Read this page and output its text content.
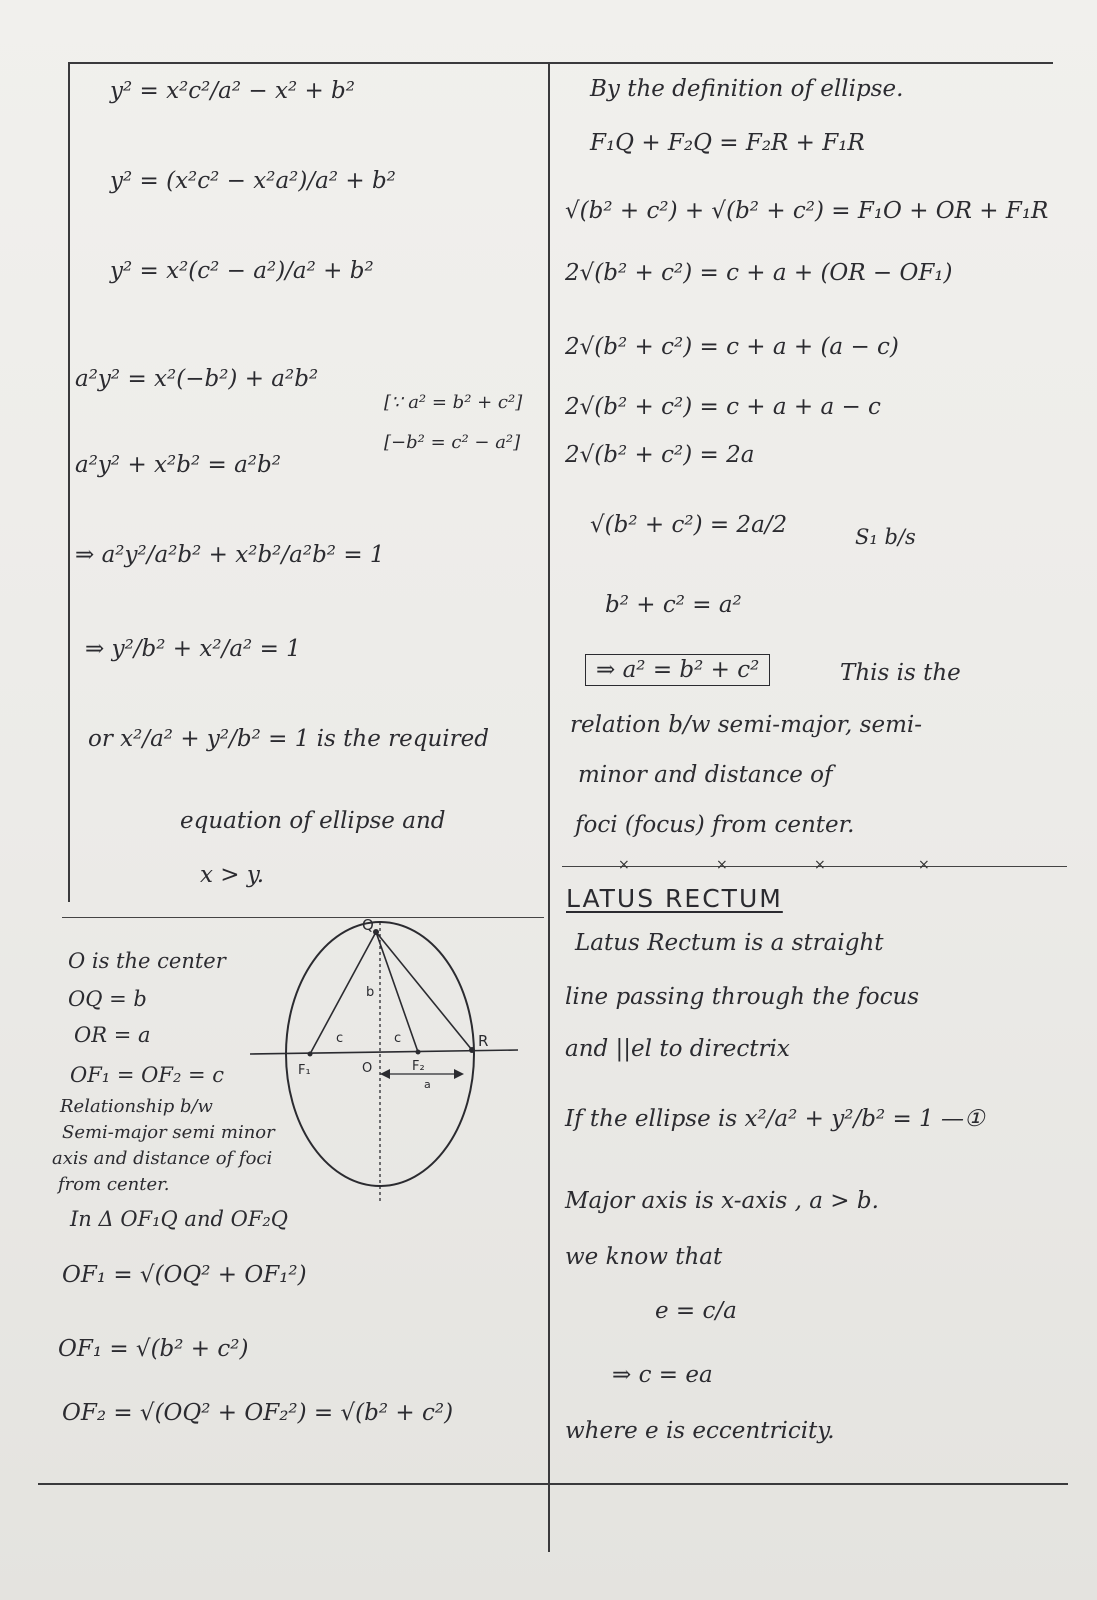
y² = x²c²/a² − x² + b²
y² = (x²c² − x²a²)/a² + b²
y² = x²(c² − a²)/a² + b²
a²y² = x²(−b²) + a²b²
[∵ a² = b² + c²]
[−b² = c² − a²]
a²y² + x²b² = a²b²
⇒ a²y²/a²b² + x²b²/a²b² = 1
⇒ y²/b² + x²/a² = 1
or x²/a² + y²/b² = 1 is the required
equation of ellipse and
x > y.
O is the center
OQ = b
OR = a
OF₁ = OF₂ = c
Relationship b/w
Semi-major semi minor
axis and distance of foci
from center.
In Δ OF₁Q and OF₂Q
OF₁ = √(OQ² + OF₁²)
OF₁ = √(b² + c²)
OF₂ = √(OQ² + OF₂²) = √(b² + c²)
Q
R
F₁	F₂
O
b
c	c
a
By the definition of ellipse.
F₁Q + F₂Q = F₂R + F₁R
√(b² + c²) + √(b² + c²) = F₁O + OR + F₁R
2√(b² + c²) = c + a + (OR − OF₁)
2√(b² + c²) = c + a + (a − c)
2√(b² + c²) = c + a + a − c
2√(b² + c²) = 2a
√(b² + c²) = 2a/2	S₁ b/s
b² + c² = a²
⇒ a² = b² + c²	This is the
relation b/w semi-major, semi-
minor and distance of
foci (focus) from center.
×	×	×	×
LATUS RECTUM
Latus Rectum is a straight
line passing through the focus
and ||el to directrix
If the ellipse is x²/a² + y²/b² = 1 —①
Major axis is x-axis , a > b.
we know that
e = c/a
⇒ c = ea
where e is eccentricity.
